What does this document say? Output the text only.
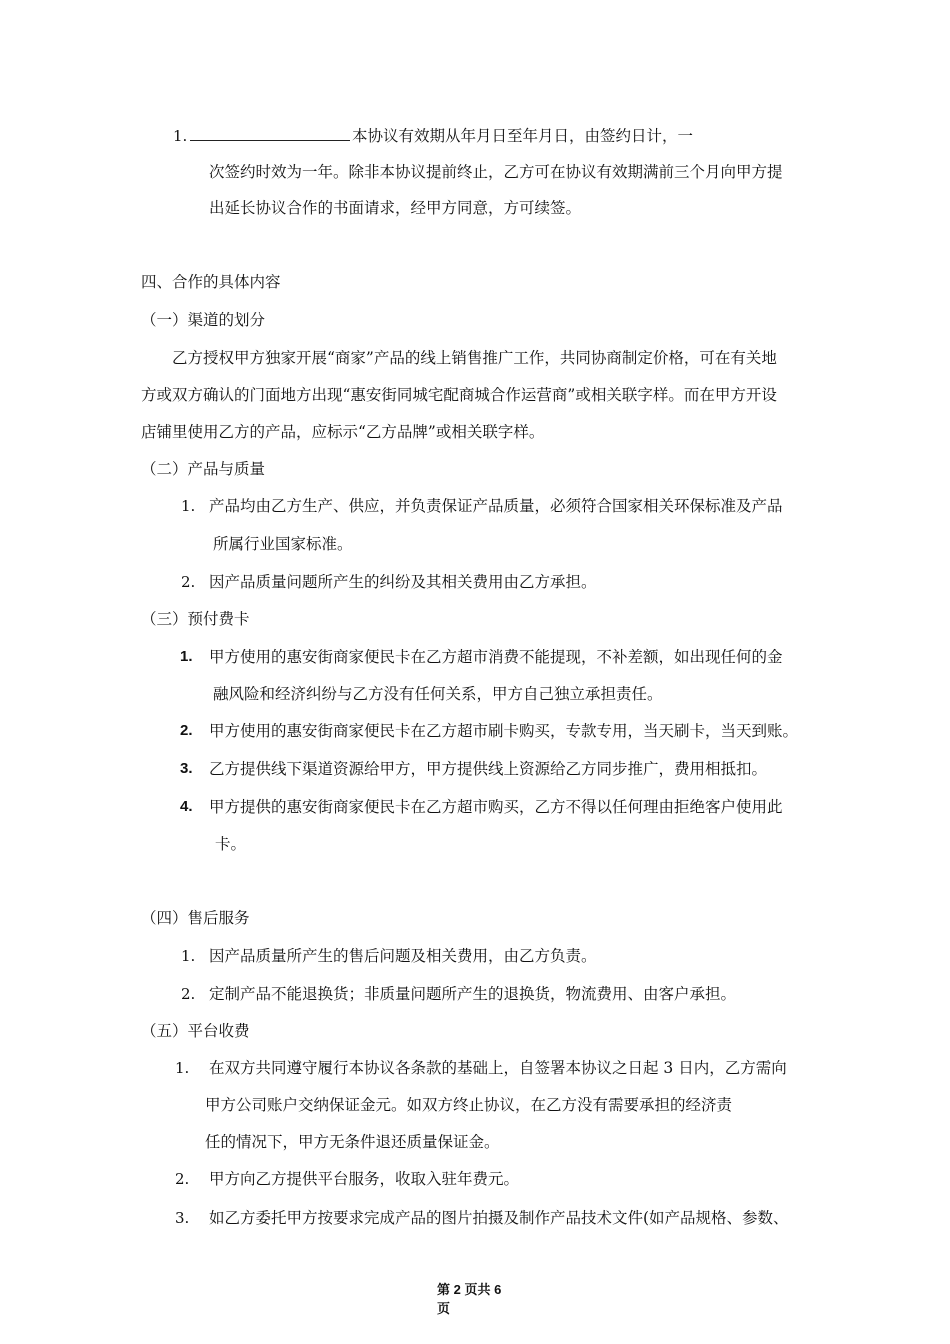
1.	本协议有效期从年月日至年月日，由签约日计，一
次签约时效为一年。除非本协议提前终止，乙方可在协议有效期满前三个月向甲方提
出延长协议合作的书面请求，经甲方同意，方可续签。
四、合作的具体内容
（一）渠道的划分
乙方授权甲方独家开展“商家”产品的线上销售推广工作，共同协商制定价格，可在有关地
方或双方确认的门面地方出现“惠安街同城宅配商城合作运营商”或相关联字样。而在甲方开设
店铺里使用乙方的产品，应标示“乙方品牌”或相关联字样。
（二）产品与质量
1. 产品均由乙方生产、供应，并负责保证产品质量，必须符合国家相关环保标准及产品
所属行业国家标准。
2. 因产品质量问题所产生的纠纷及其相关费用由乙方承担。
（三）预付费卡
1. 甲方使用的惠安街商家便民卡在乙方超市消费不能提现，不补差额，如出现任何的金
融风险和经济纠纷与乙方没有任何关系，甲方自己独立承担责任。
2. 甲方使用的惠安街商家便民卡在乙方超市刷卡购买，专款专用，当天刷卡，当天到账。
3. 乙方提供线下渠道资源给甲方，甲方提供线上资源给乙方同步推广，费用相抵扣。
4. 甲方提供的惠安街商家便民卡在乙方超市购买，乙方不得以任何理由拒绝客户使用此
卡。
（四）售后服务
1. 因产品质量所产生的售后问题及相关费用，由乙方负责。
2. 定制产品不能退换货；非质量问题所产生的退换货，物流费用、由客户承担。
（五）平台收费
1. 在双方共同遵守履行本协议各条款的基础上，自签署本协议之日起 3 日内，乙方需向
甲方公司账户交纳保证金元。如双方终止协议，在乙方没有需要承担的经济责
任的情况下，甲方无条件退还质量保证金。
2. 甲方向乙方提供平台服务，收取入驻年费元。
3. 如乙方委托甲方按要求完成产品的图片拍摄及制作产品技术文件(如产品规格、参数、
第 2 页共 6
页
